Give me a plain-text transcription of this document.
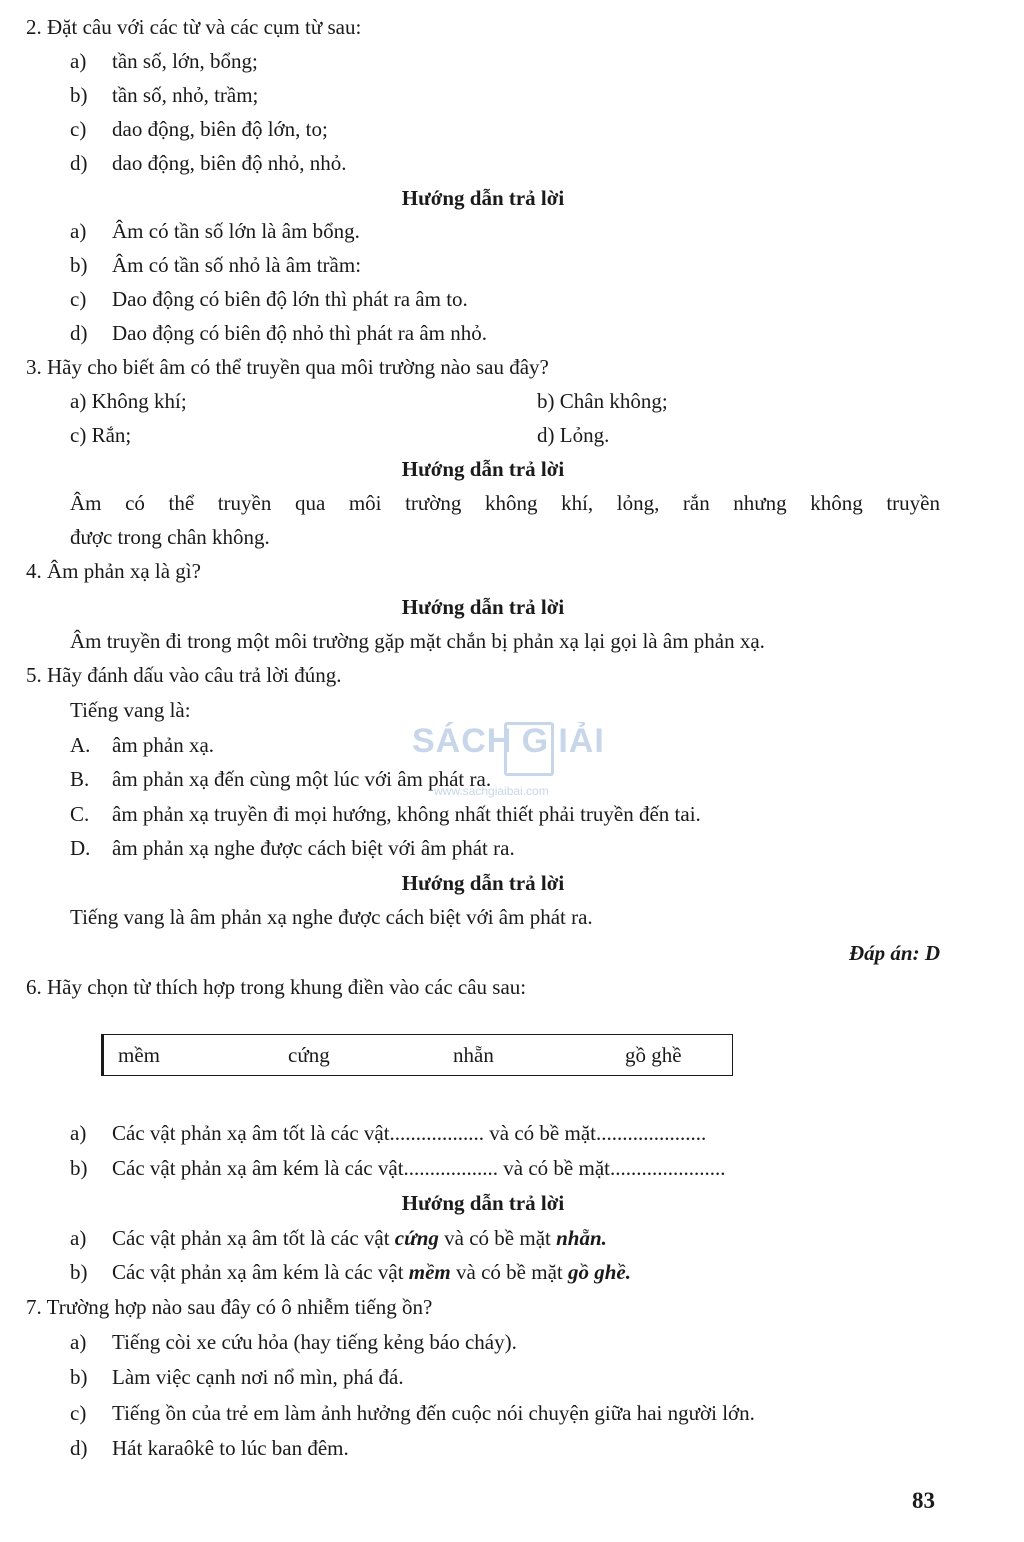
2. Đặt câu với các từ và các cụm từ sau:
a) tần số, lớn, bổng;
b) tần số, nhỏ, trầm;
c) dao động, biên độ lớn, to;
d) dao động, biên độ nhỏ, nhỏ.
Hướng dẫn trả lời
a) Âm có tần số lớn là âm bổng.
b) Âm có tần số nhỏ là âm trầm:
c) Dao động có biên độ lớn thì phát ra âm to.
d) Dao động có biên độ nhỏ thì phát ra âm nhỏ.
3. Hãy cho biết âm có thể truyền qua môi trường nào sau đây?
a) Không khí;	b) Chân không;
c) Rắn;	d) Lỏng.
Hướng dẫn trả lời
Âm có thể truyền qua môi trường không khí, lỏng, rắn nhưng không truyền
được trong chân không.
4. Âm phản xạ là gì?
Hướng dẫn trả lời
Âm truyền đi trong một môi trường gặp mặt chắn bị phản xạ lại gọi là âm phản xạ.
5. Hãy đánh dấu vào câu trả lời đúng.
Tiếng vang là:
A. âm phản xạ.
B. âm phản xạ đến cùng một lúc với âm phát ra.
C. âm phản xạ truyền đi mọi hướng, không nhất thiết phải truyền đến tai.
D. âm phản xạ nghe được cách biệt với âm phát ra.
Hướng dẫn trả lời
Tiếng vang là âm phản xạ nghe được cách biệt với âm phát ra.
Đáp án: D
6. Hãy chọn từ thích hợp trong khung điền vào các câu sau:
mềm	cứng	nhẵn	gồ ghề
a) Các vật phản xạ âm tốt là các vật.................. và có bề mặt.....................
b) Các vật phản xạ âm kém là các vật.................. và có bề mặt......................
Hướng dẫn trả lời
a) Các vật phản xạ âm tốt là các vật cứng và có bề mặt nhẵn.
b) Các vật phản xạ âm kém là các vật mềm và có bề mặt gồ ghề.
7. Trường hợp nào sau đây có ô nhiễm tiếng ồn?
a) Tiếng còi xe cứu hỏa (hay tiếng kẻng báo cháy).
b) Làm việc cạnh nơi nổ mìn, phá đá.
c) Tiếng ồn của trẻ em làm ảnh hưởng đến cuộc nói chuyện giữa hai người lớn.
d) Hát karaôkê to lúc ban đêm.
SÁCH G IẢI
www.sachgiaibai.com
83
